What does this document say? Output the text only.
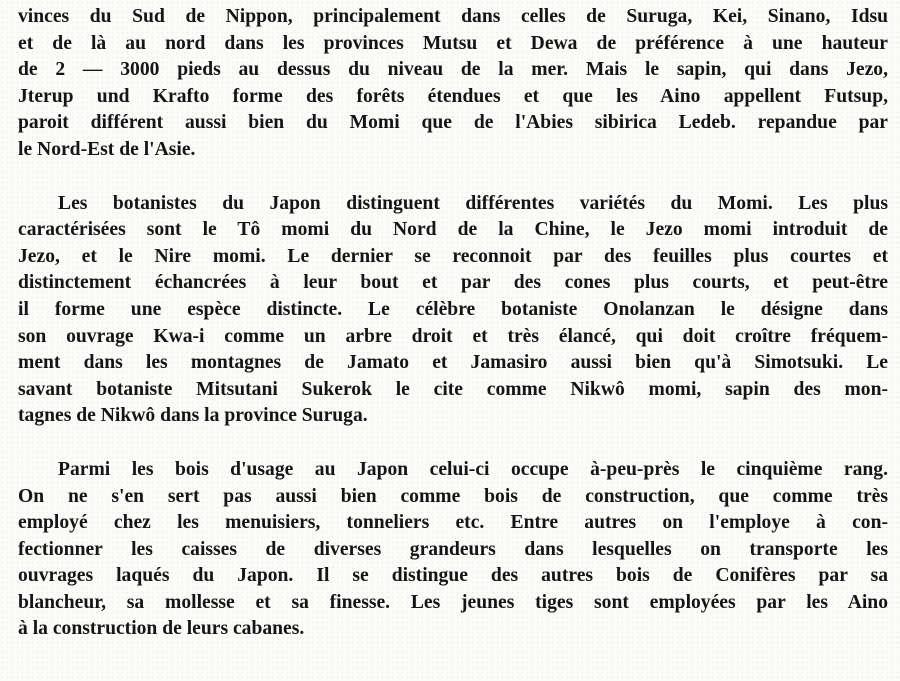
vinces du Sud de Nippon, principalement dans celles de Suruga, Kei, Sinano, Idsu
et de là au nord dans les provinces Mutsu et Dewa de préférence à une hauteur
de 2 — 3000 pieds au dessus du niveau de la mer. Mais le sapin, qui dans Jezo,
Jterup und Krafto forme des forêts étendues et que les Aino appellent Futsup,
paroit différent aussi bien du Momi que de l'Abies sibirica Ledeb. repandue par
le Nord-Est de l'Asie.
Les botanistes du Japon distinguent différentes variétés du Momi. Les plus
caractérisées sont le Tô momi du Nord de la Chine, le Jezo momi introduit de
Jezo, et le Nire momi. Le dernier se reconnoit par des feuilles plus courtes et
distinctement échancrées à leur bout et par des cones plus courts, et peut-être
il forme une espèce distincte. Le célèbre botaniste Onolanzan le désigne dans
son ouvrage Kwa-i comme un arbre droit et très élancé, qui doit croître fréquem-
ment dans les montagnes de Jamato et Jamasiro aussi bien qu'à Simotsuki. Le
savant botaniste Mitsutani Sukerok le cite comme Nikwô momi, sapin des mon-
tagnes de Nikwô dans la province Suruga.
Parmi les bois d'usage au Japon celui-ci occupe à-peu-près le cinquième rang.
On ne s'en sert pas aussi bien comme bois de construction, que comme très
employé chez les menuisiers, tonneliers etc. Entre autres on l'employe à con-
fectionner les caisses de diverses grandeurs dans lesquelles on transporte les
ouvrages laqués du Japon. Il se distingue des autres bois de Conifères par sa
blancheur, sa mollesse et sa finesse. Les jeunes tiges sont employées par les Aino
à la construction de leurs cabanes.
